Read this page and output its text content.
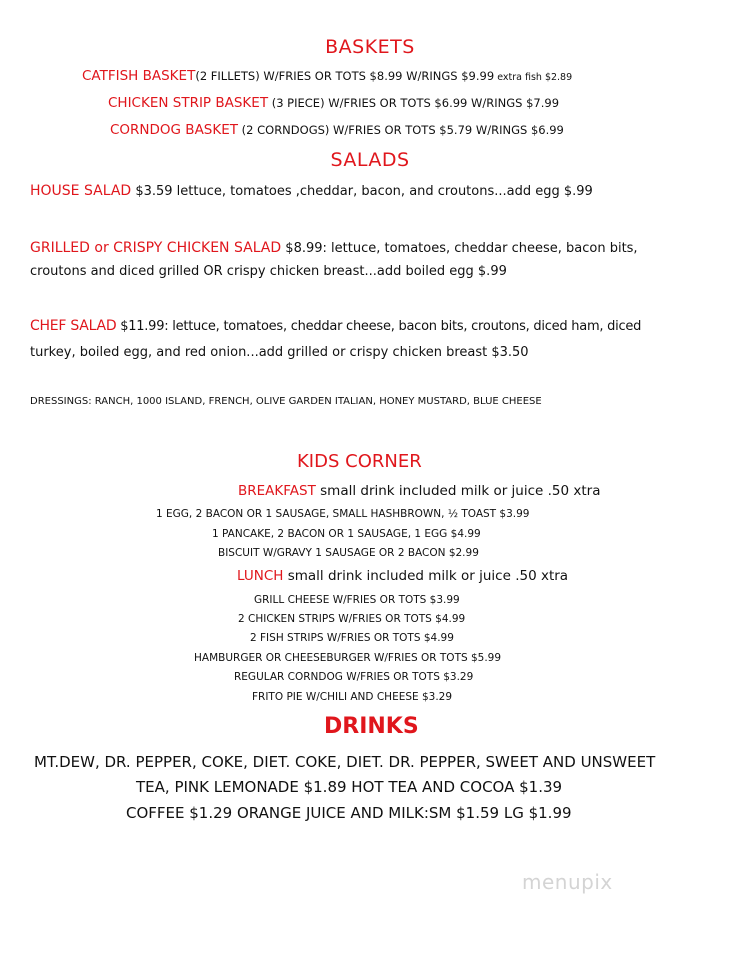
BASKETS
CATFISH BASKET(2 FILLETS) W/FRIES OR TOTS $8.99 W/RINGS $9.99 extra fish $2.89
CHICKEN STRIP BASKET (3 PIECE) W/FRIES OR TOTS $6.99 W/RINGS $7.99
CORNDOG BASKET (2 CORNDOGS) W/FRIES OR TOTS $5.79 W/RINGS $6.99
SALADS
HOUSE SALAD $3.59 lettuce, tomatoes ,cheddar, bacon, and croutons...add egg $.99
GRILLED or CRISPY CHICKEN SALAD $8.99: lettuce, tomatoes, cheddar cheese, bacon bits,
croutons and diced grilled OR crispy chicken breast...add boiled egg $.99
CHEF SALAD $11.99: lettuce, tomatoes, cheddar cheese, bacon bits, croutons, diced ham, diced
turkey, boiled egg, and red onion...add grilled or crispy chicken breast $3.50
DRESSINGS: RANCH, 1000 ISLAND, FRENCH, OLIVE GARDEN ITALIAN, HONEY MUSTARD, BLUE CHEESE
KIDS CORNER
BREAKFAST small drink included milk or juice .50 xtra
1 EGG, 2 BACON OR 1 SAUSAGE, SMALL HASHBROWN, ½ TOAST $3.99
1 PANCAKE, 2 BACON OR 1 SAUSAGE, 1 EGG $4.99
BISCUIT W/GRAVY 1 SAUSAGE OR 2 BACON $2.99
LUNCH small drink included milk or juice .50 xtra
GRILL CHEESE W/FRIES OR TOTS $3.99
2 CHICKEN STRIPS W/FRIES OR TOTS $4.99
2 FISH STRIPS W/FRIES OR TOTS $4.99
HAMBURGER OR CHEESEBURGER W/FRIES OR TOTS $5.99
REGULAR CORNDOG W/FRIES OR TOTS $3.29
FRITO PIE W/CHILI AND CHEESE $3.29
DRINKS
MT.DEW, DR. PEPPER, COKE, DIET. COKE, DIET. DR. PEPPER, SWEET AND UNSWEET
TEA, PINK LEMONADE $1.89 HOT TEA AND COCOA $1.39
COFFEE $1.29 ORANGE JUICE AND MILK:SM $1.59 LG $1.99
menupix
